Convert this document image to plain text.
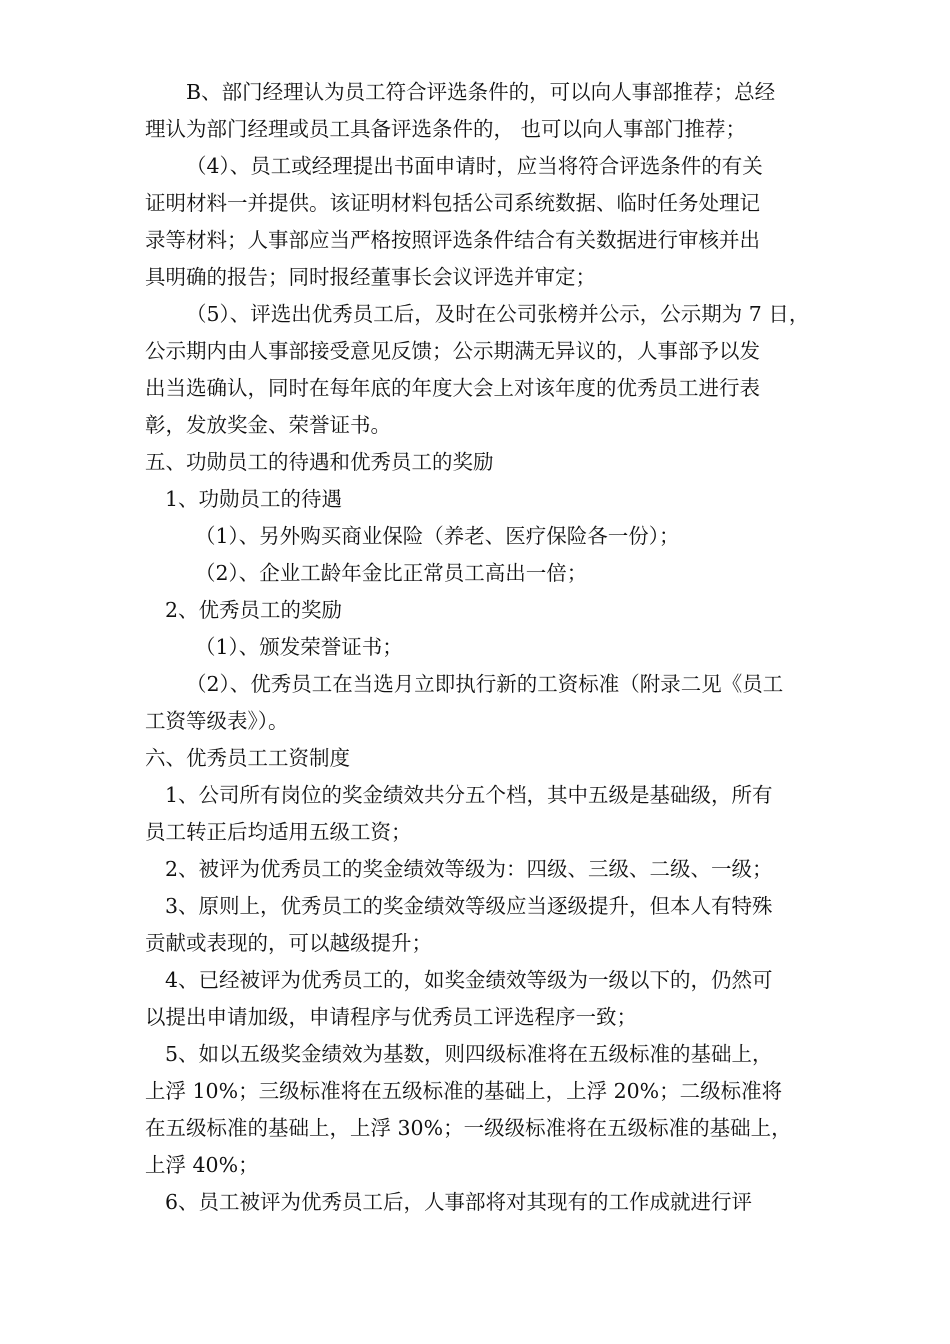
B、部门经理认为员工符合评选条件的，可以向人事部推荐；总经
理认为部门经理或员工具备评选条件的， 也可以向人事部门推荐；
（4）、员工或经理提出书面申请时，应当将符合评选条件的有关
证明材料一并提供。该证明材料包括公司系统数据、临时任务处理记
录等材料；人事部应当严格按照评选条件结合有关数据进行审核并出
具明确的报告；同时报经董事长会议评选并审定；
（5）、评选出优秀员工后，及时在公司张榜并公示，公示期为 7 日，
公示期内由人事部接受意见反馈；公示期满无异议的，人事部予以发
出当选确认，同时在每年底的年度大会上对该年度的优秀员工进行表
彰，发放奖金、荣誉证书。
五、功勋员工的待遇和优秀员工的奖励
1、功勋员工的待遇
（1）、另外购买商业保险（养老、医疗保险各一份）；
（2）、企业工龄年金比正常员工高出一倍；
2、优秀员工的奖励
（1）、颁发荣誉证书；
（2）、优秀员工在当选月立即执行新的工资标准（附录二见《员工
工资等级表》）。
六、优秀员工工资制度
1、公司所有岗位的奖金绩效共分五个档，其中五级是基础级，所有
员工转正后均适用五级工资；
2、被评为优秀员工的奖金绩效等级为：四级、三级、二级、一级；
3、原则上，优秀员工的奖金绩效等级应当逐级提升，但本人有特殊
贡献或表现的，可以越级提升；
4、已经被评为优秀员工的，如奖金绩效等级为一级以下的，仍然可
以提出申请加级，申请程序与优秀员工评选程序一致；
5、如以五级奖金绩效为基数，则四级标准将在五级标准的基础上，
上浮 10%；三级标准将在五级标准的基础上，上浮 20%；二级标准将
在五级标准的基础上，上浮 30%；一级级标准将在五级标准的基础上，
上浮 40%；
6、员工被评为优秀员工后，人事部将对其现有的工作成就进行评
